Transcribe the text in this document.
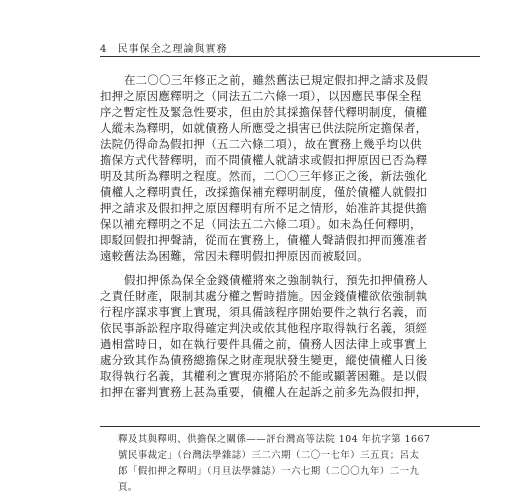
4 民事保全之理論與實務
在二〇〇三年修正之前，雖然舊法已規定假扣押之請求及假
扣押之原因應釋明之（同法五二六條一項），以因應民事保全程
序之暫定性及緊急性要求，但由於其採擔保替代釋明制度，債權
人縱未為釋明，如就債務人所應受之損害已供法院所定擔保者，
法院仍得命為假扣押（五二六條二項），故在實務上幾乎均以供
擔保方式代替釋明，而不問債權人就請求或假扣押原因已否為釋
明及其所為釋明之程度。然而，二〇〇三年修正之後，新法強化
債權人之釋明責任，改採擔保補充釋明制度，僅於債權人就假扣
押之請求及假扣押之原因釋明有所不足之情形，始准許其提供擔
保以補充釋明之不足（同法五二六條二項）。如未為任何釋明，
即駁回假扣押聲請，從而在實務上，債權人聲請假扣押而獲准者
遠較舊法為困難，常因未釋明假扣押原因而被駁回。
假扣押係為保全金錢債權將來之強制執行，預先扣押債務人
之責任財產，限制其處分權之暫時措施。因金錢債權欲依強制執
行程序謀求事實上實現，須具備該程序開始要件之執行名義，而
依民事訴訟程序取得確定判決或依其他程序取得執行名義，須經
過相當時日，如在執行要件具備之前，債務人因法律上或事實上
處分致其作為債務總擔保之財產現狀發生變更，縱使債權人日後
取得執行名義，其權利之實現亦將陷於不能或顯著困難。是以假
扣押在審判實務上甚為重要，債權人在起訴之前多先為假扣押，
釋及其與釋明、供擔保之關係——評台灣高等法院 104 年抗字第 1667
號民事裁定」（台灣法學雜誌）三二六期（二〇一七年）三五頁；呂太
郎「假扣押之釋明」（月旦法學雜誌）一六七期（二〇〇九年）二一九
頁。
